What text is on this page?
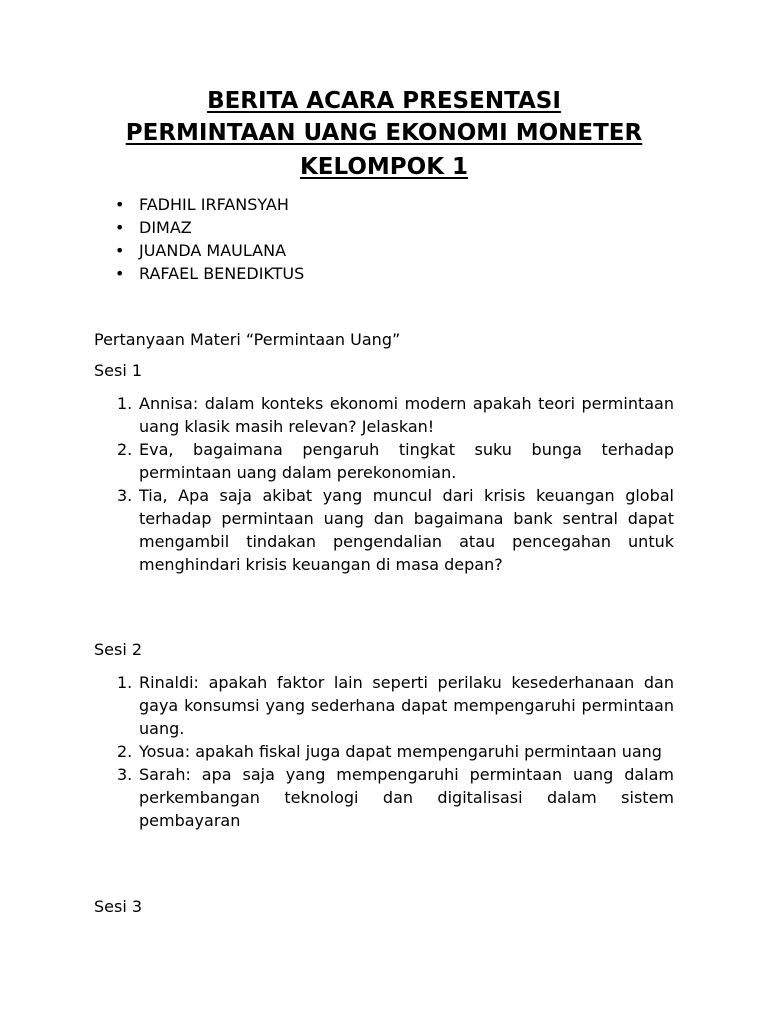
BERITA ACARA PRESENTASI
PERMINTAAN UANG EKONOMI MONETER
KELOMPOK 1
• FADHIL IRFANSYAH
• DIMAZ
• JUANDA MAULANA
• RAFAEL BENEDIKTUS

Pertanyaan Materi “Permintaan Uang”

Sesi 1

1. Annisa: dalam konteks ekonomi modern apakah teori permintaan uang klasik masih relevan? Jelaskan!
2. Eva, bagaimana pengaruh tingkat suku bunga terhadap permintaan uang dalam perekonomian.
3. Tia, Apa saja akibat yang muncul dari krisis keuangan global terhadap permintaan uang dan bagaimana bank sentral dapat mengambil tindakan pengendalian atau pencegahan untuk menghindari krisis keuangan di masa depan?

Sesi 2

1. Rinaldi: apakah faktor lain seperti perilaku kesederhanaan dan gaya konsumsi yang sederhana dapat mempengaruhi permintaan uang.
2. Yosua: apakah fiskal juga dapat mempengaruhi permintaan uang
3. Sarah: apa saja yang mempengaruhi permintaan uang dalam perkembangan teknologi dan digitalisasi dalam sistem pembayaran

Sesi 3
